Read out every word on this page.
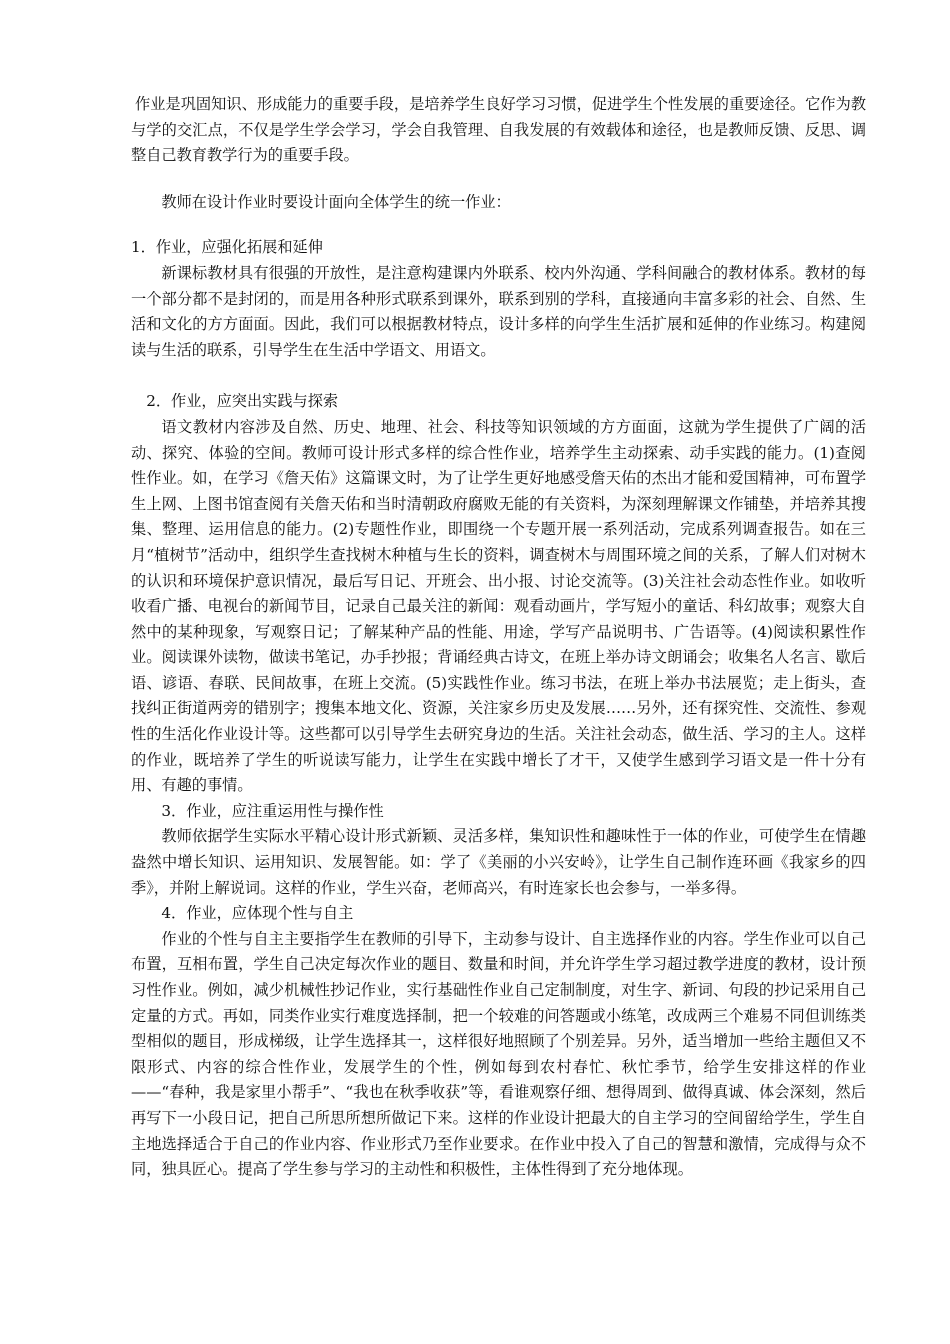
作业是巩固知识、形成能力的重要手段，是培养学生良好学习习惯，促进学生个性发展的重要途径。它作为教与学的交汇点，不仅是学生学会学习，学会自我管理、自我发展的有效载体和途径，也是教师反馈、反思、调整自己教育教学行为的重要手段。

教师在设计作业时要设计面向全体学生的统一作业：

1．作业，应强化拓展和延伸

新课标教材具有很强的开放性，是注意构建课内外联系、校内外沟通、学科间融合的教材体系。教材的每一个部分都不是封闭的，而是用各种形式联系到课外，联系到别的学科，直接通向丰富多彩的社会、自然、生活和文化的方方面面。因此，我们可以根据教材特点，设计多样的向学生生活扩展和延伸的作业练习。构建阅读与生活的联系，引导学生在生活中学语文、用语文。

2．作业，应突出实践与探索

语文教材内容涉及自然、历史、地理、社会、科技等知识领域的方方面面，这就为学生提供了广阔的活动、探究、体验的空间。教师可设计形式多样的综合性作业，培养学生主动探索、动手实践的能力。(1)查阅性作业。如，在学习《詹天佑》这篇课文时，为了让学生更好地感受詹天佑的杰出才能和爱国精神，可布置学生上网、上图书馆查阅有关詹天佑和当时清朝政府腐败无能的有关资料，为深刻理解课文作铺垫，并培养其搜集、整理、运用信息的能力。(2)专题性作业，即围绕一个专题开展一系列活动，完成系列调查报告。如在三月“植树节”活动中，组织学生查找树木种植与生长的资料，调查树木与周围环境之间的关系，了解人们对树木的认识和环境保护意识情况，最后写日记、开班会、出小报、讨论交流等。(3)关注社会动态性作业。如收听收看广播、电视台的新闻节目，记录自己最关注的新闻：观看动画片，学写短小的童话、科幻故事；观察大自然中的某种现象，写观察日记；了解某种产品的性能、用途，学写产品说明书、广告语等。(4)阅读积累性作业。阅读课外读物，做读书笔记，办手抄报；背诵经典古诗文，在班上举办诗文朗诵会；收集名人名言、歇后语、谚语、春联、民间故事，在班上交流。(5)实践性作业。练习书法，在班上举办书法展览；走上街头，查找纠正街道两旁的错别字；搜集本地文化、资源，关注家乡历史及发展……另外，还有探究性、交流性、参观性的生活化作业设计等。这些都可以引导学生去研究身边的生活。关注社会动态，做生活、学习的主人。这样的作业，既培养了学生的听说读写能力，让学生在实践中增长了才干，又使学生感到学习语文是一件十分有用、有趣的事情。

3．作业，应注重运用性与操作性

教师依据学生实际水平精心设计形式新颖、灵活多样，集知识性和趣味性于一体的作业，可使学生在情趣盎然中增长知识、运用知识、发展智能。如：学了《美丽的小兴安岭》，让学生自己制作连环画《我家乡的四季》，并附上解说词。这样的作业，学生兴奋，老师高兴，有时连家长也会参与，一举多得。

4．作业，应体现个性与自主

作业的个性与自主主要指学生在教师的引导下，主动参与设计、自主选择作业的内容。学生作业可以自己布置，互相布置，学生自己决定每次作业的题目、数量和时间，并允许学生学习超过教学进度的教材，设计预习性作业。例如，减少机械性抄记作业，实行基础性作业自己定制制度，对生字、新词、句段的抄记采用自己定量的方式。再如，同类作业实行难度选择制，把一个较难的问答题或小练笔，改成两三个难易不同但训练类型相似的题目，形成梯级，让学生选择其一，这样很好地照顾了个别差异。另外，适当增加一些给主题但又不限形式、内容的综合性作业，发展学生的个性，例如每到农村春忙、秋忙季节，给学生安排这样的作业——“春种，我是家里小帮手”、“我也在秋季收获”等，看谁观察仔细、想得周到、做得真诚、体会深刻，然后再写下一小段日记，把自己所思所想所做记下来。这样的作业设计把最大的自主学习的空间留给学生，学生自主地选择适合于自己的作业内容、作业形式乃至作业要求。在作业中投入了自己的智慧和激情，完成得与众不同，独具匠心。提高了学生参与学习的主动性和积极性，主体性得到了充分地体现。
